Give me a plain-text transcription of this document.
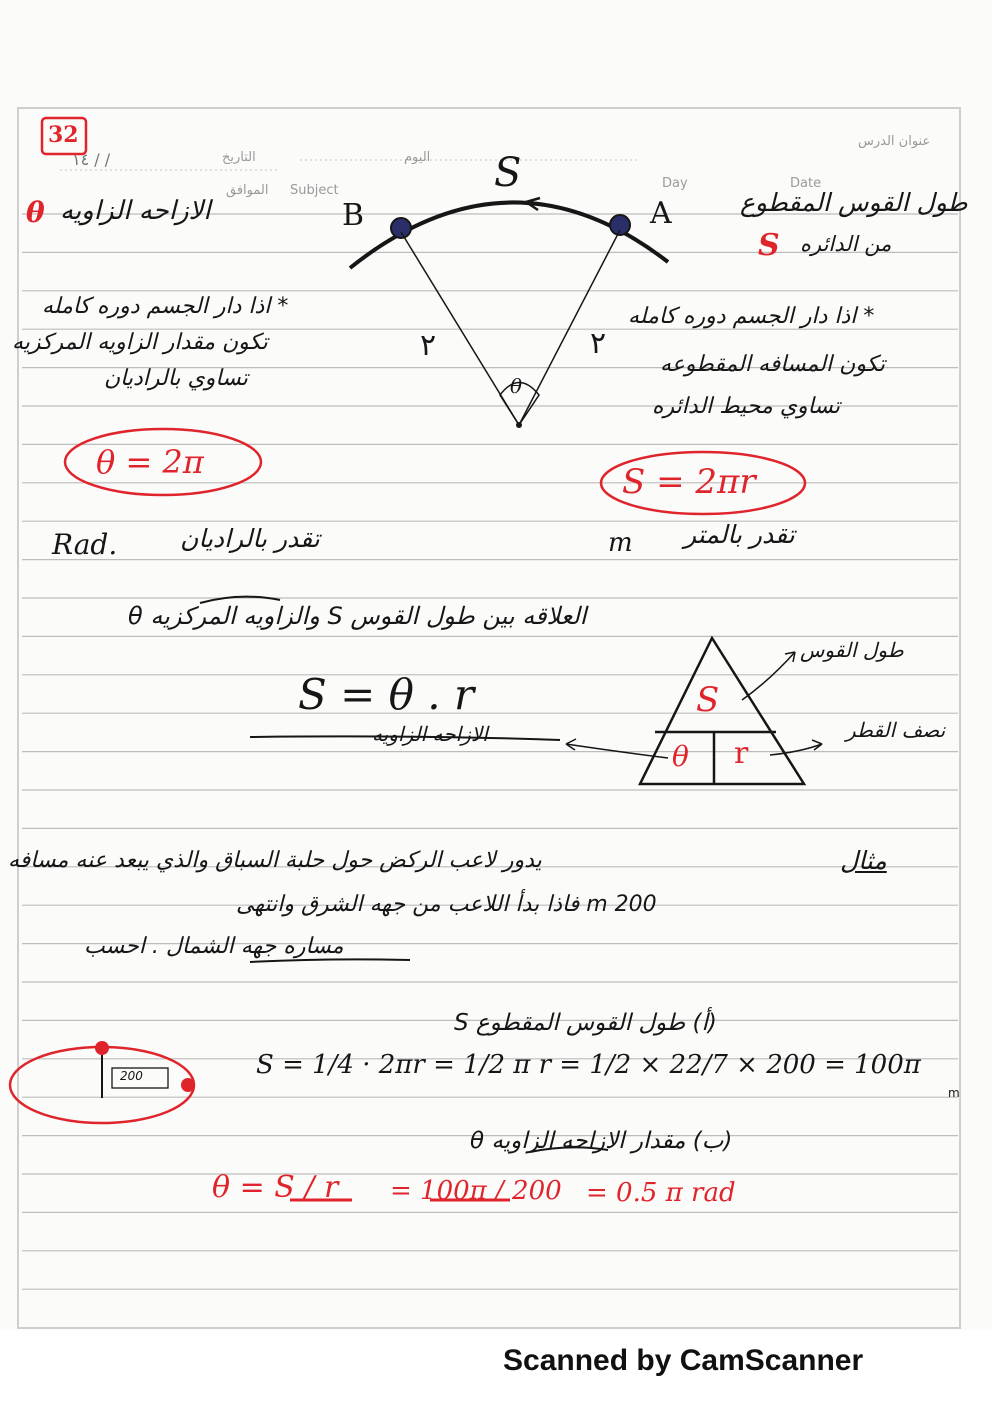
32	عنوان الدرس
التاريخ
١٤ / /	اليوم
الموافق Subject	Day	Date
S
B	A
٢	٢
θ
θ الازاحه الزاويه	طول القوس المقطوع
S من الدائره
* اذا دار الجسم دوره كامله
تكون مقدار الزاويه المركزيه
تساوي بالراديان
θ = 2π
* اذا دار الجسم دوره كامله
تكون المسافه المقطوعه
تساوي محيط الدائره
S = 2πr
Rad.	تقدر بالراديان	m تقدر بالمتر
العلاقه بين طول القوس S والزاويه المركزيه θ
S = θ . r
الازاحه الزاويه
S
θ r
طول القوس
نصف القطر
مثال
يدور لاعب الركض حول حلبة السباق والذي يبعد عنه مسافه
200 m فاذا بدأ اللاعب من جهه الشرق وانتهى
مساره جهه الشمال . احسب
(أ) طول القوس المقطوع S
200	S = 1/4 · 2πr = 1/2 π r = 1/2 × 22/7 × 200 = 100π
m
(ب) مقدار الازاحه الزاويه θ
θ = S / r = 100π / 200 = 0.5 π rad
Scanned by CamScanner
